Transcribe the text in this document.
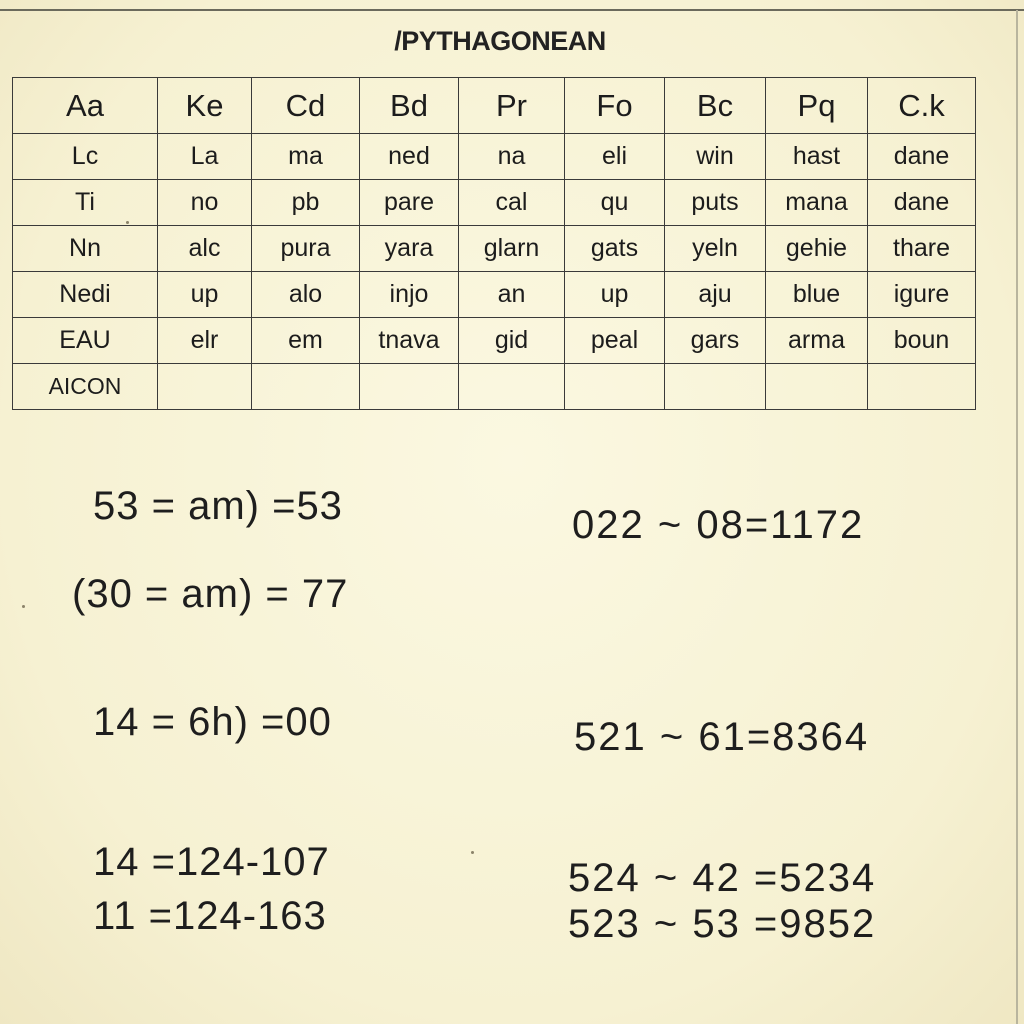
/PYTHAGONEAN
Aa	Ke	Cd	Bd	Pr	Fo	Bc	Pq	C.k
Lc	La	ma	ned	na	eli	win	hast	dane
Ti	no	pb	pare	cal	qu	puts	mana	dane
Nn	alc	pura	yara	glarn	gats	yeln	gehie	thare
Nedi	up	alo	injo	an	up	aju	blue	igure
EAU	elr	em	tnava	gid	peal	gars	arma	boun
AICON								
53 = am) =53
(30 = am) = 77
14 = 6h) =00
14 =124-107
11 =124-163
022 ~ 08=1172
521 ~ 61=8364
524 ~ 42 =5234
523 ~ 53 =9852
